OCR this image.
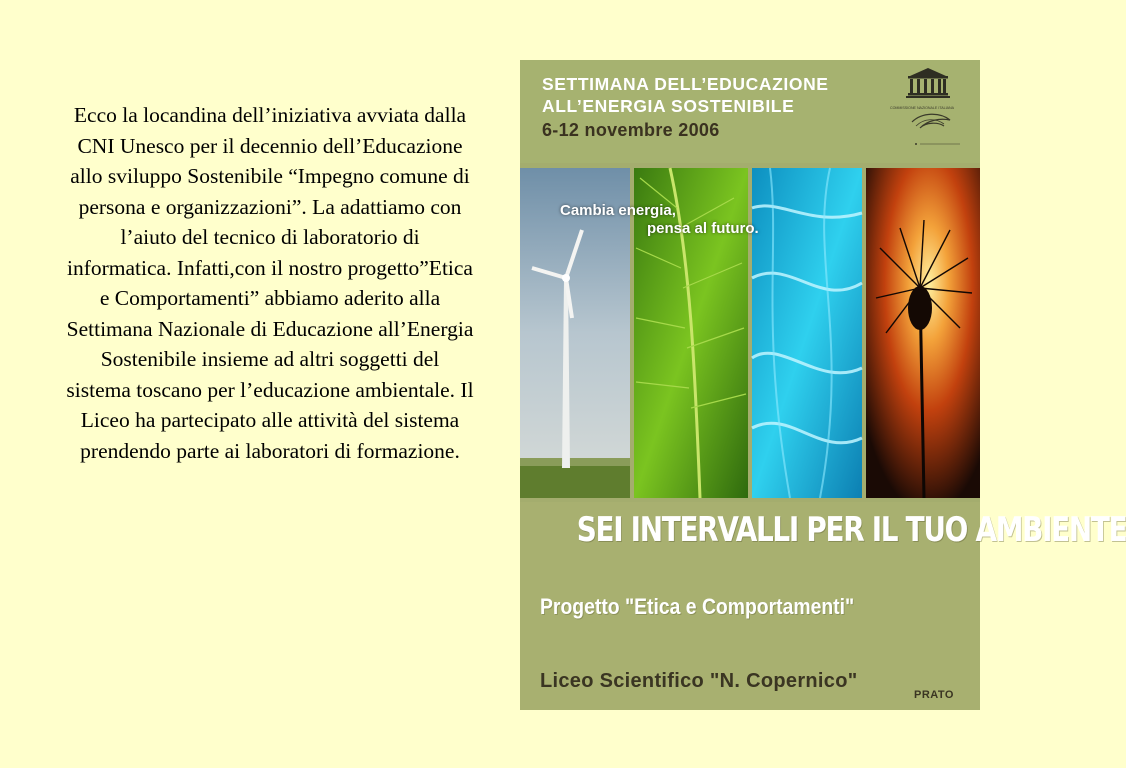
Ecco la locandina dell’iniziativa avviata dalla CNI Unesco per il decennio dell’Educazione allo sviluppo Sostenibile “Impegno comune di persona e organizzazioni”. La adattiamo con l’aiuto del tecnico di laboratorio di informatica. Infatti,con il nostro progetto”Etica e Comportamenti” abbiamo aderito alla Settimana Nazionale di Educazione all’Energia Sostenibile insieme ad altri soggetti del sistema toscano per l’educazione ambientale. Il Liceo ha partecipato alle attività del sistema prendendo parte ai laboratori di formazione.
SETTIMANA DELL’EDUCAZIONE
ALL’ENERGIA SOSTENIBILE
6-12 novembre 2006
COMMISSIONE NAZIONALE ITALIANA
Cambia energia,
pensa al futuro.
SEI INTERVALLI PER IL TUO AMBIENTE
Progetto "Etica e Comportamenti"
Liceo Scientifico "N. Copernico"
PRATO
